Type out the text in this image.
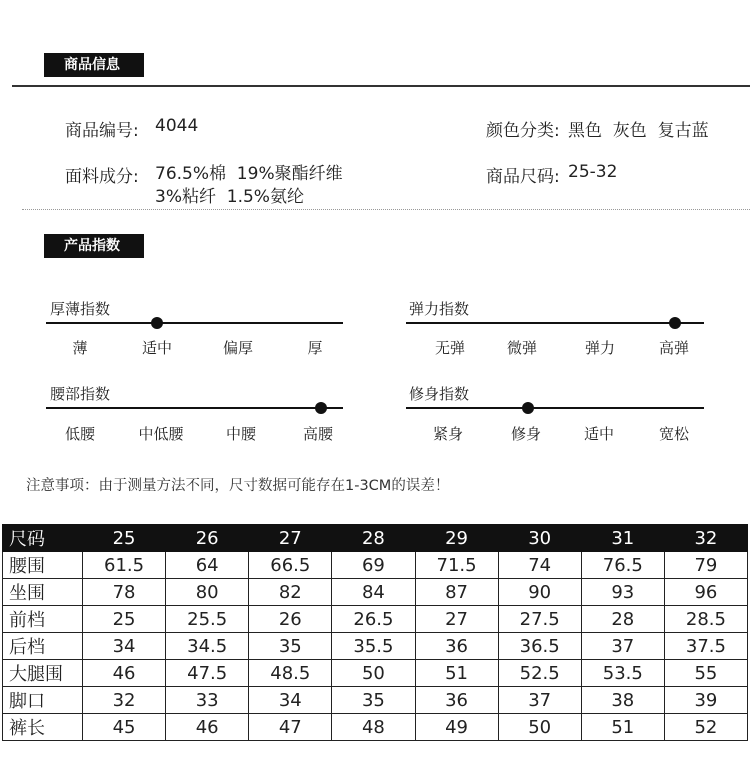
商品信息
商品编号: 4044	颜色分类: 黑色  灰色  复古蓝
面料成分: 76.5%棉  19%聚酯纤维
3%粘纤  1.5%氨纶
商品尺码: 25-32
产品指数
厚薄指数
薄	适中	偏厚	厚
弹力指数
无弹	微弹	弹力	高弹
腰部指数
低腰	中低腰	中腰	高腰
修身指数
紧身	修身	适中	宽松
注意事项：由于测量方法不同，尺寸数据可能存在1-3CM的误差！
尺码	25	26	27	28	29	30	31	32
腰围	61.5	64	66.5	69	71.5	74	76.5	79
坐围	78	80	82	84	87	90	93	96
前档	25	25.5	26	26.5	27	27.5	28	28.5
后档	34	34.5	35	35.5	36	36.5	37	37.5
大腿围	46	47.5	48.5	50	51	52.5	53.5	55
脚口	32	33	34	35	36	37	38	39
裤长	45	46	47	48	49	50	51	52
